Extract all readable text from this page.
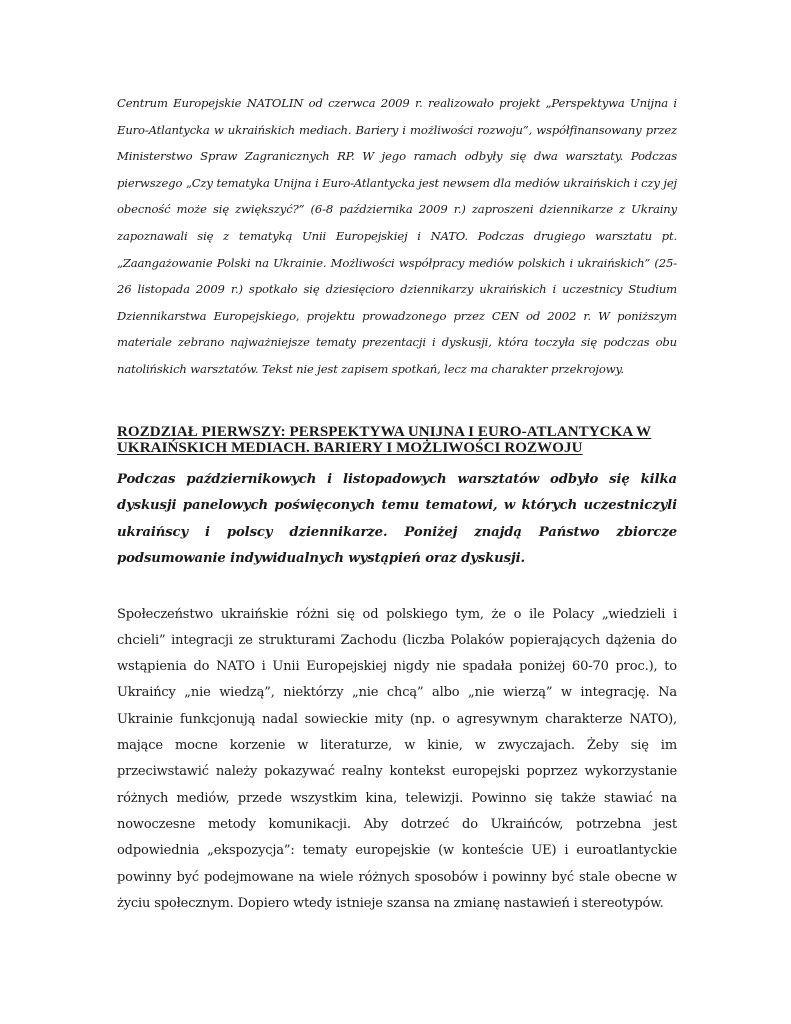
Centrum Europejskie NATOLIN od czerwca 2009 r. realizowało projekt „Perspektywa Unijna i Euro-Atlantycka w ukraińskich mediach. Bariery i możliwości rozwoju”, współfinansowany przez Ministerstwo Spraw Zagranicznych RP. W jego ramach odbyły się dwa warsztaty. Podczas pierwszego „Czy tematyka Unijna i Euro-Atlantycka jest newsem dla mediów ukraińskich i czy jej obecność może się zwiększyć?” (6-8 października 2009 r.) zaproszeni dziennikarze z Ukrainy zapoznawali się z tematyką Unii Europejskiej i NATO. Podczas drugiego warsztatu pt. „Zaangażowanie Polski na Ukrainie. Możliwości współpracy mediów polskich i ukraińskich” (25-26 listopada 2009 r.) spotkało się dziesięcioro dziennikarzy ukraińskich i uczestnicy Studium Dziennikarstwa Europejskiego, projektu prowadzonego przez CEN od 2002 r. W poniższym materiale zebrano najważniejsze tematy prezentacji i dyskusji, która toczyła się podczas obu natolińskich warsztatów. Tekst nie jest zapisem spotkań, lecz ma charakter przekrojowy.

ROZDZIAŁ PIERWSZY: PERSPEKTYWA UNIJNA I EURO-ATLANTYCKA W UKRAIŃSKICH MEDIACH. BARIERY I MOŻLIWOŚCI ROZWOJU

Podczas październikowych i listopadowych warsztatów odbyło się kilka dyskusji panelowych poświęconych temu tematowi, w których uczestniczyli ukraińscy i polscy dziennikarze. Poniżej znajdą Państwo zbiorcze podsumowanie indywidualnych wystąpień oraz dyskusji.

Społeczeństwo ukraińskie różni się od polskiego tym, że o ile Polacy „wiedzieli i chcieli” integracji ze strukturami Zachodu (liczba Polaków popierających dążenia do wstąpienia do NATO i Unii Europejskiej nigdy nie spadała poniżej 60-70 proc.), to Ukraińcy „nie wiedzą”, niektórzy „nie chcą” albo „nie wierzą” w integrację. Na Ukrainie funkcjonują nadal sowieckie mity (np. o agresywnym charakterze NATO), mające mocne korzenie w literaturze, w kinie, w zwyczajach. Żeby się im przeciwstawić należy pokazywać realny kontekst europejski poprzez wykorzystanie różnych mediów, przede wszystkim kina, telewizji. Powinno się także stawiać na nowoczesne metody komunikacji. Aby dotrzeć do Ukraińców, potrzebna jest odpowiednia „ekspozycja”: tematy europejskie (w konteście UE) i euroatlantyckie powinny być podejmowane na wiele różnych sposobów i powinny być stale obecne w życiu społecznym. Dopiero wtedy istnieje szansa na zmianę nastawień i stereotypów.
